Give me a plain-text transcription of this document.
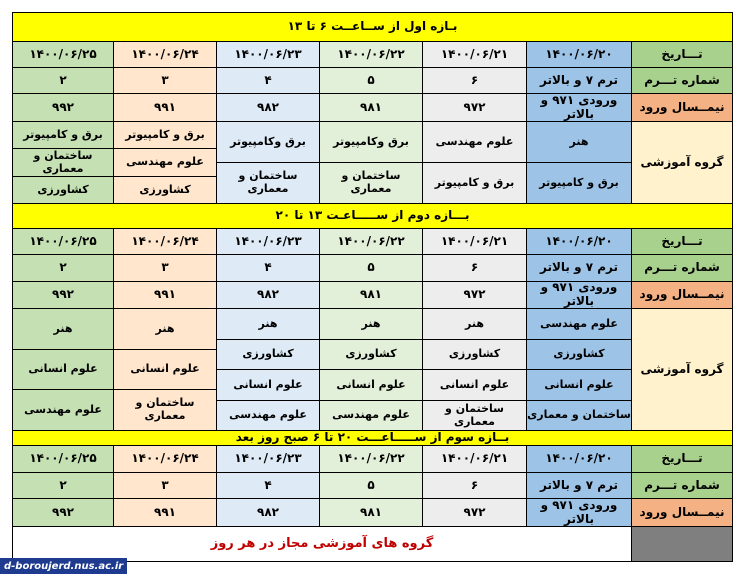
بـازه اول از ســاعــت ۶ تا ۱۳
تـــاریخ
شماره تـــرم
نیمــسال ورود
۱۴۰۰/۰۶/۲۰
ترم ۷ و بالاتر
ورودی ۹۷۱ و بالاتر
۱۴۰۰/۰۶/۲۱
۶
۹۷۲
۱۴۰۰/۰۶/۲۲
۵
۹۸۱
۱۴۰۰/۰۶/۲۳
۴
۹۸۲
۱۴۰۰/۰۶/۲۴
۳
۹۹۱
۱۴۰۰/۰۶/۲۵
۲
۹۹۲
گروه آموزشی
هنر
برق و کامپیوتر
علوم مهندسی
برق و کامپیوتر
برق وکامپیوتر
ساختمان و معماری
برق وکامپیوتر
ساختمان و معماری
برق و کامپیوتر
علوم مهندسی
کشاورزی
برق و کامپیوتر
ساختمان و معماری
کشاورزی
بـــازه دوم از ســـــاعـت ۱۳ تا ۲۰
تـــاریخ
شماره تـــرم
نیمــسال ورود
۱۴۰۰/۰۶/۲۰
ترم ۷ و بالاتر
ورودی ۹۷۱ و بالاتر
۱۴۰۰/۰۶/۲۱
۶
۹۷۲
۱۴۰۰/۰۶/۲۲
۵
۹۸۱
۱۴۰۰/۰۶/۲۳
۴
۹۸۲
۱۴۰۰/۰۶/۲۴
۳
۹۹۱
۱۴۰۰/۰۶/۲۵
۲
۹۹۲
گروه آموزشی
علوم مهندسی
کشاورزی
علوم انسانی
ساختمان و معماری
هنر
کشاورزی
علوم انسانی
ساختمان و معماری
هنر
کشاورزی
علوم انسانی
علوم مهندسی
هنر
کشاورزی
علوم انسانی
علوم مهندسی
هنر
علوم انسانی
ساختمان و معماری
هنر
علوم انسانی
علوم مهندسی
بــازه سوم از ســـــاعـــت ۲۰ تا ۶ صبح روز بعد
تـــاریخ
شماره تـــرم
نیمــسال ورود
۱۴۰۰/۰۶/۲۰
ترم ۷ و بالاتر
ورودی ۹۷۱ و بالاتر
۱۴۰۰/۰۶/۲۱
۶
۹۷۲
۱۴۰۰/۰۶/۲۲
۵
۹۸۱
۱۴۰۰/۰۶/۲۳
۴
۹۸۲
۱۴۰۰/۰۶/۲۴
۳
۹۹۱
۱۴۰۰/۰۶/۲۵
۲
۹۹۲
گروه های آموزشی مجاز در هر روز
d-boroujerd.nus.ac.ir
